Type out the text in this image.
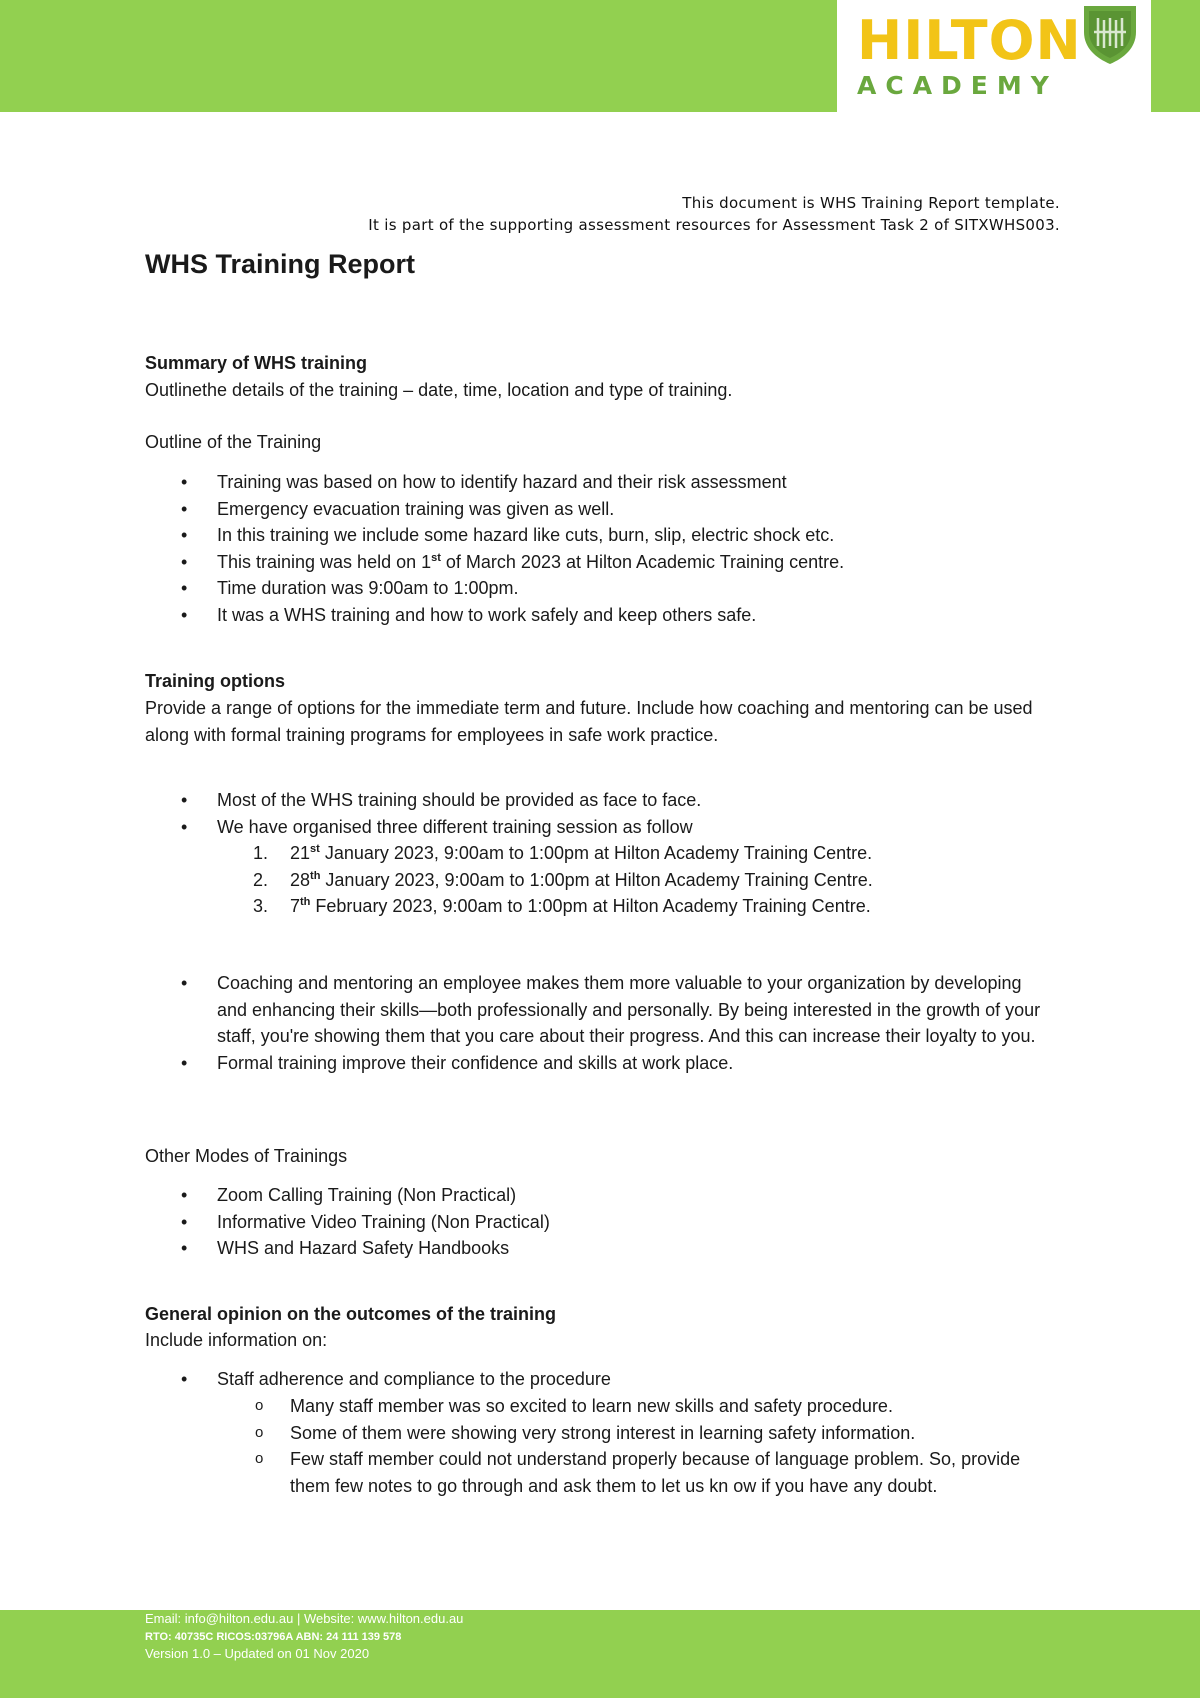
HILTON
ACADEMY
This document is WHS Training Report template.
It is part of the supporting assessment resources for Assessment Task 2 of SITXWHS003.
WHS Training Report
Summary of WHS training
Outlinethe details of the training – date, time, location and type of training.
Outline of the Training
• Training was based on how to identify hazard and their risk assessment
• Emergency evacuation training was given as well.
• In this training we include some hazard like cuts, burn, slip, electric shock etc.
• This training was held on 1st of March 2023 at Hilton Academic Training centre.
• Time duration was 9:00am to 1:00pm.
• It was a WHS training and how to work safely and keep others safe.
Training options
Provide a range of options for the immediate term and future. Include how coaching and mentoring can be used along with formal training programs for employees in safe work practice.
• Most of the WHS training should be provided as face to face.
• We have organised three different training session as follow
1. 21st January 2023, 9:00am to 1:00pm at Hilton Academy Training Centre.
2. 28th January 2023, 9:00am to 1:00pm at Hilton Academy Training Centre.
3. 7th February 2023, 9:00am to 1:00pm at Hilton Academy Training Centre.
• Coaching and mentoring an employee makes them more valuable to your organization by developing and enhancing their skills—both professionally and personally. By being interested in the growth of your staff, you're showing them that you care about their progress. And this can increase their loyalty to you.
• Formal training improve their confidence and skills at work place.
Other Modes of Trainings
• Zoom Calling Training (Non Practical)
• Informative Video Training (Non Practical)
• WHS and Hazard Safety Handbooks
General opinion on the outcomes of the training
Include information on:
• Staff adherence and compliance to the procedure
o Many staff member was so excited to learn new skills and safety procedure.
o Some of them were showing very strong interest in learning safety information.
o Few staff member could not understand properly because of language problem. So, provide them few notes to go through and ask them to let us kn ow if you have any doubt.
Email: info@hilton.edu.au | Website: www.hilton.edu.au
RTO: 40735C RICOS:03796A ABN: 24 111 139 578
Version 1.0 – Updated on 01 Nov 2020
